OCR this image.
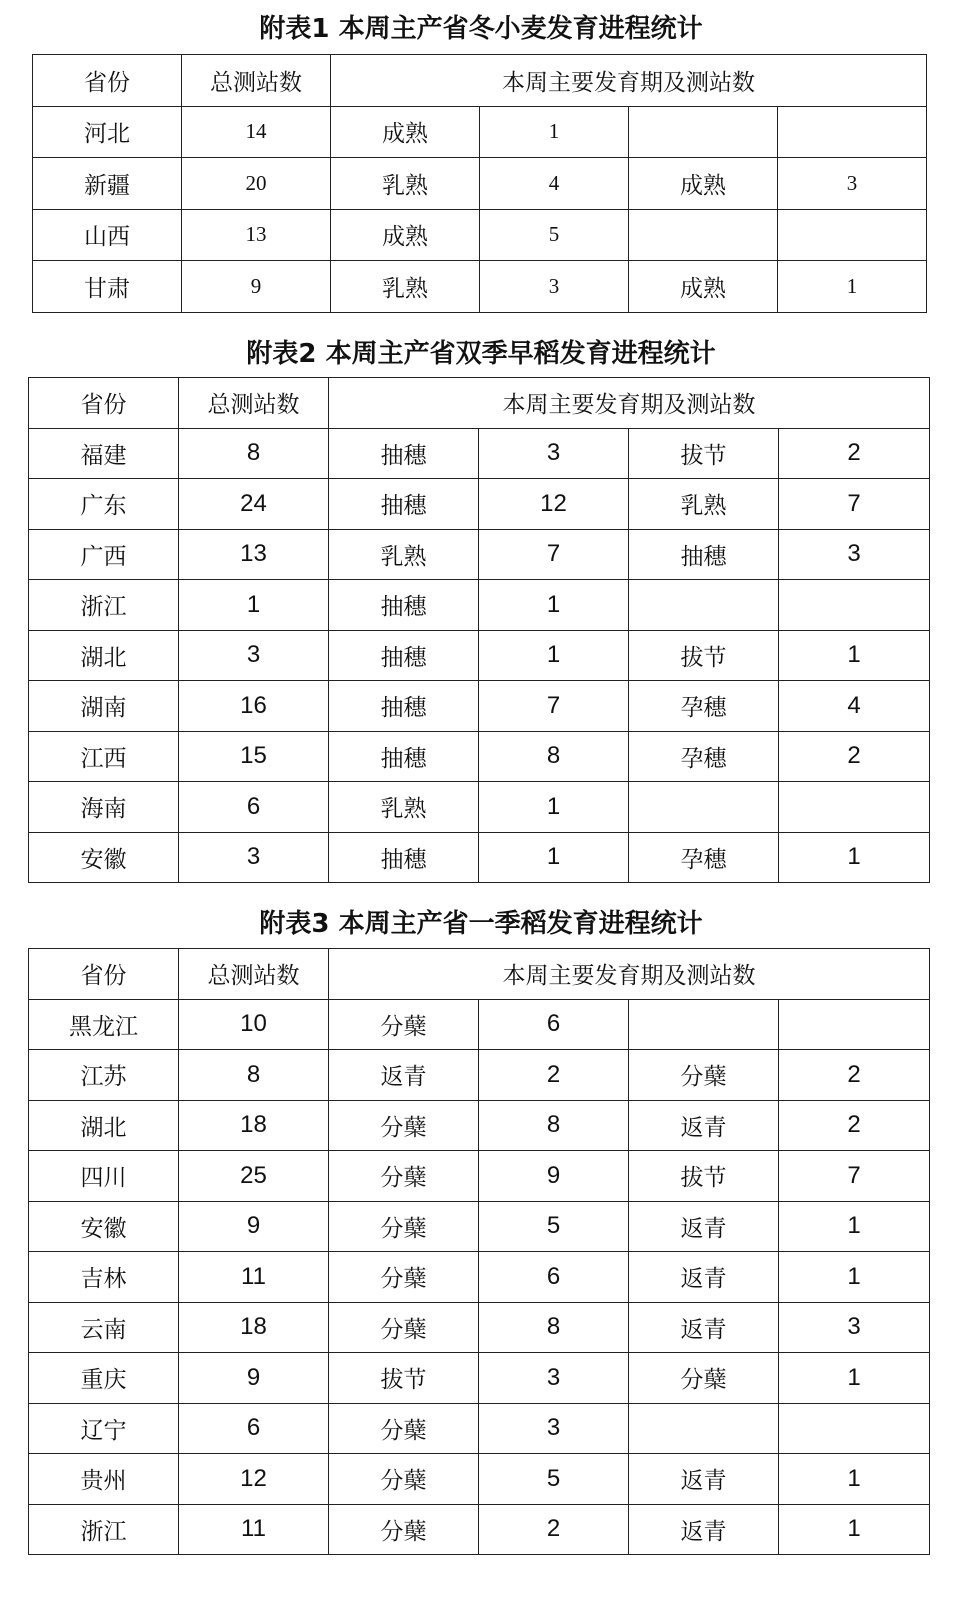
附表1 本周主产省冬小麦发育进程统计
省份	总测站数	本周主要发育期及测站数			
河北	14	成熟	1		
新疆	20	乳熟	4	成熟	3
山西	13	成熟	5		
甘肃	9	乳熟	3	成熟	1
附表2 本周主产省双季早稻发育进程统计
省份	总测站数	本周主要发育期及测站数			
福建	8	抽穗	3	拔节	2
广东	24	抽穗	12	乳熟	7
广西	13	乳熟	7	抽穗	3
浙江	1	抽穗	1		
湖北	3	抽穗	1	拔节	1
湖南	16	抽穗	7	孕穗	4
江西	15	抽穗	8	孕穗	2
海南	6	乳熟	1		
安徽	3	抽穗	1	孕穗	1
附表3 本周主产省一季稻发育进程统计
省份	总测站数	本周主要发育期及测站数			
黑龙江	10	分蘖	6		
江苏	8	返青	2	分蘖	2
湖北	18	分蘖	8	返青	2
四川	25	分蘖	9	拔节	7
安徽	9	分蘖	5	返青	1
吉林	11	分蘖	6	返青	1
云南	18	分蘖	8	返青	3
重庆	9	拔节	3	分蘖	1
辽宁	6	分蘖	3		
贵州	12	分蘖	5	返青	1
浙江	11	分蘖	2	返青	1
